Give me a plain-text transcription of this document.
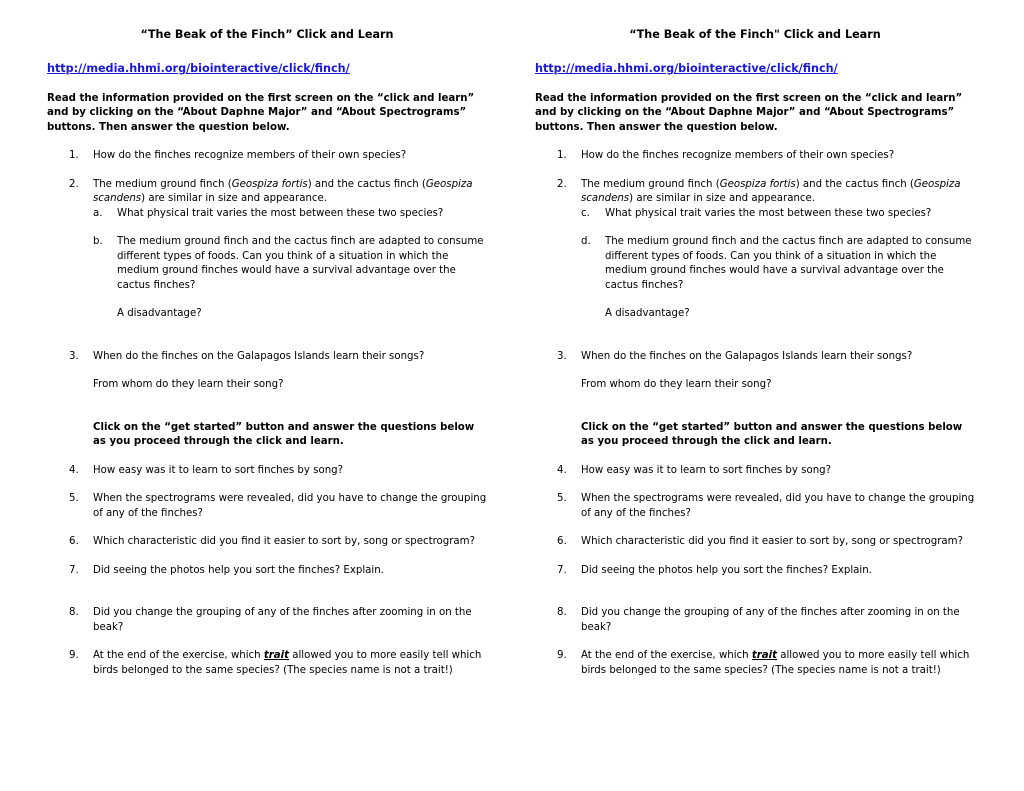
“The Beak of the Finch” Click and Learn
http://media.hhmi.org/biointeractive/click/finch/
Read the information provided on the first screen on the “click and learn” and by clicking on the “About Daphne Major” and “About Spectrograms” buttons. Then answer the question below.
1. How do the finches recognize members of their own species?
2. The medium ground finch (Geospiza fortis) and the cactus finch (Geospiza scandens) are similar in size and appearance.
a. What physical trait varies the most between these two species?
b. The medium ground finch and the cactus finch are adapted to consume different types of foods. Can you think of a situation in which the medium ground finches would have a survival advantage over the cactus finches?
A disadvantage?
3. When do the finches on the Galapagos Islands learn their songs?
From whom do they learn their song?
Click on the “get started” button and answer the questions below as you proceed through the click and learn.
4. How easy was it to learn to sort finches by song?
5. When the spectrograms were revealed, did you have to change the grouping of any of the finches?
6. Which characteristic did you find it easier to sort by, song or spectrogram?
7. Did seeing the photos help you sort the finches? Explain.
8. Did you change the grouping of any of the finches after zooming in on the beak?
9. At the end of the exercise, which trait allowed you to more easily tell which birds belonged to the same species? (The species name is not a trait!)
“The Beak of the Finch" Click and Learn
http://media.hhmi.org/biointeractive/click/finch/
Read the information provided on the first screen on the “click and learn” and by clicking on the “About Daphne Major” and “About Spectrograms” buttons. Then answer the question below.
1. How do the finches recognize members of their own species?
2. The medium ground finch (Geospiza fortis) and the cactus finch (Geospiza scandens) are similar in size and appearance.
c. What physical trait varies the most between these two species?
d. The medium ground finch and the cactus finch are adapted to consume different types of foods. Can you think of a situation in which the medium ground finches would have a survival advantage over the cactus finches?
A disadvantage?
3. When do the finches on the Galapagos Islands learn their songs?
From whom do they learn their song?
Click on the “get started” button and answer the questions below as you proceed through the click and learn.
4. How easy was it to learn to sort finches by song?
5. When the spectrograms were revealed, did you have to change the grouping of any of the finches?
6. Which characteristic did you find it easier to sort by, song or spectrogram?
7. Did seeing the photos help you sort the finches? Explain.
8. Did you change the grouping of any of the finches after zooming in on the beak?
9. At the end of the exercise, which trait allowed you to more easily tell which birds belonged to the same species? (The species name is not a trait!)
